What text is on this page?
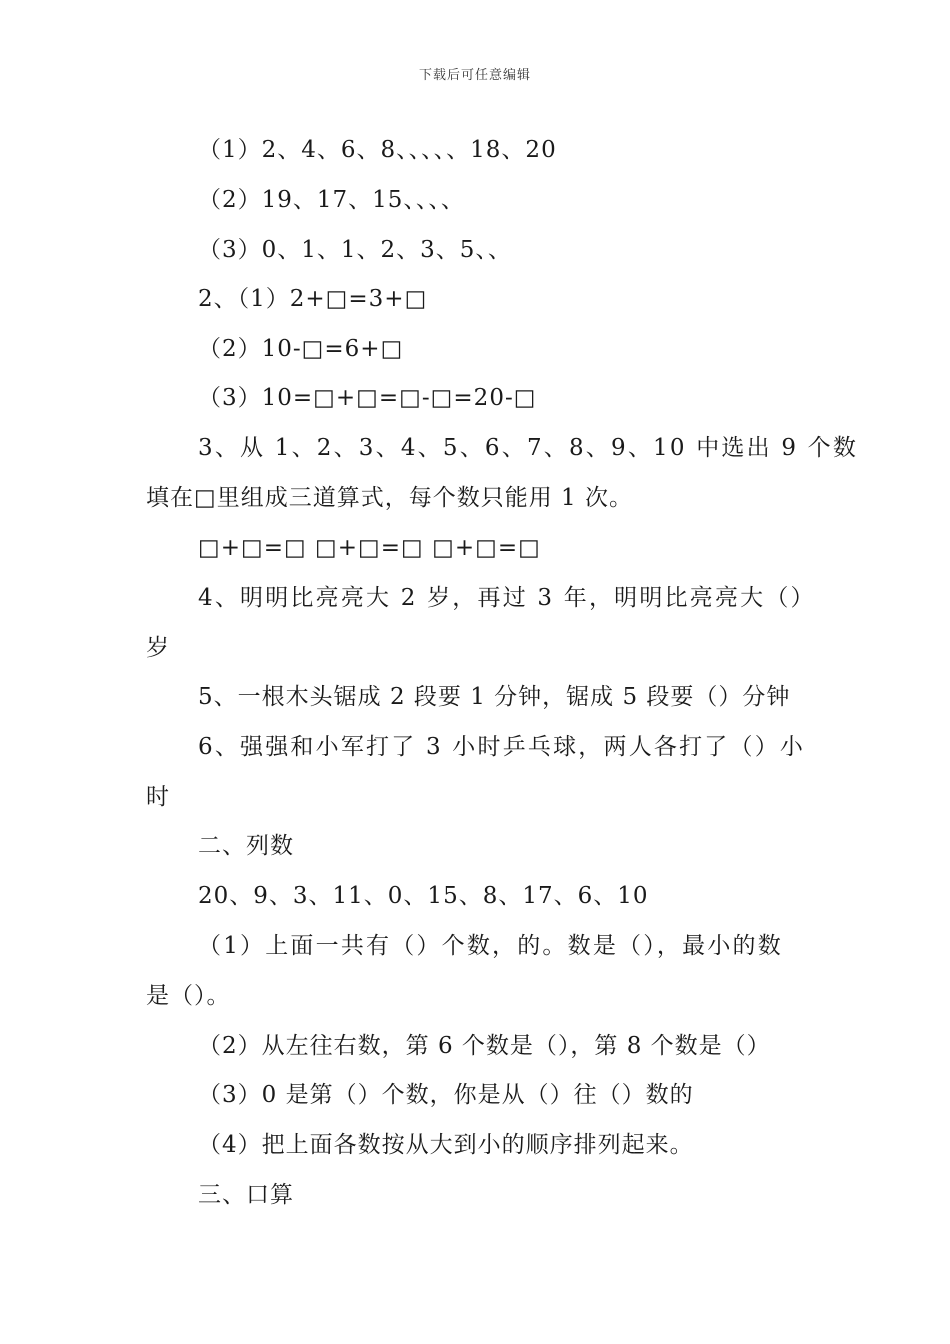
下载后可任意编辑
（1）2、4、6、8、、、、、18、20
（2）19、17、15、、、、
（3）0、1、1、2、3、5、、
2、（1）2+□=3+□
（2）10-□=6+□
（3）10=□+□=□-□=20-□
3、从 1、2、3、4、5、6、7、8、9、10 中选出 9 个数
填在□里组成三道算式，每个数只能用 1 次。
□+□=□ □+□=□ □+□=□
4、明明比亮亮大 2 岁，再过 3 年，明明比亮亮大（）
岁
5、一根木头锯成 2 段要 1 分钟，锯成 5 段要（）分钟
6、强强和小军打了 3 小时乒乓球，两人各打了（）小
时
二、列数
20、9、3、11、0、15、8、17、6、10
（1）上面一共有（）个数，的。数是（），最小的数
是（）。
（2）从左往右数，第 6 个数是（），第 8 个数是（）
（3）0 是第（）个数，你是从（）往（）数的
（4）把上面各数按从大到小的顺序排列起来。
三、口算
